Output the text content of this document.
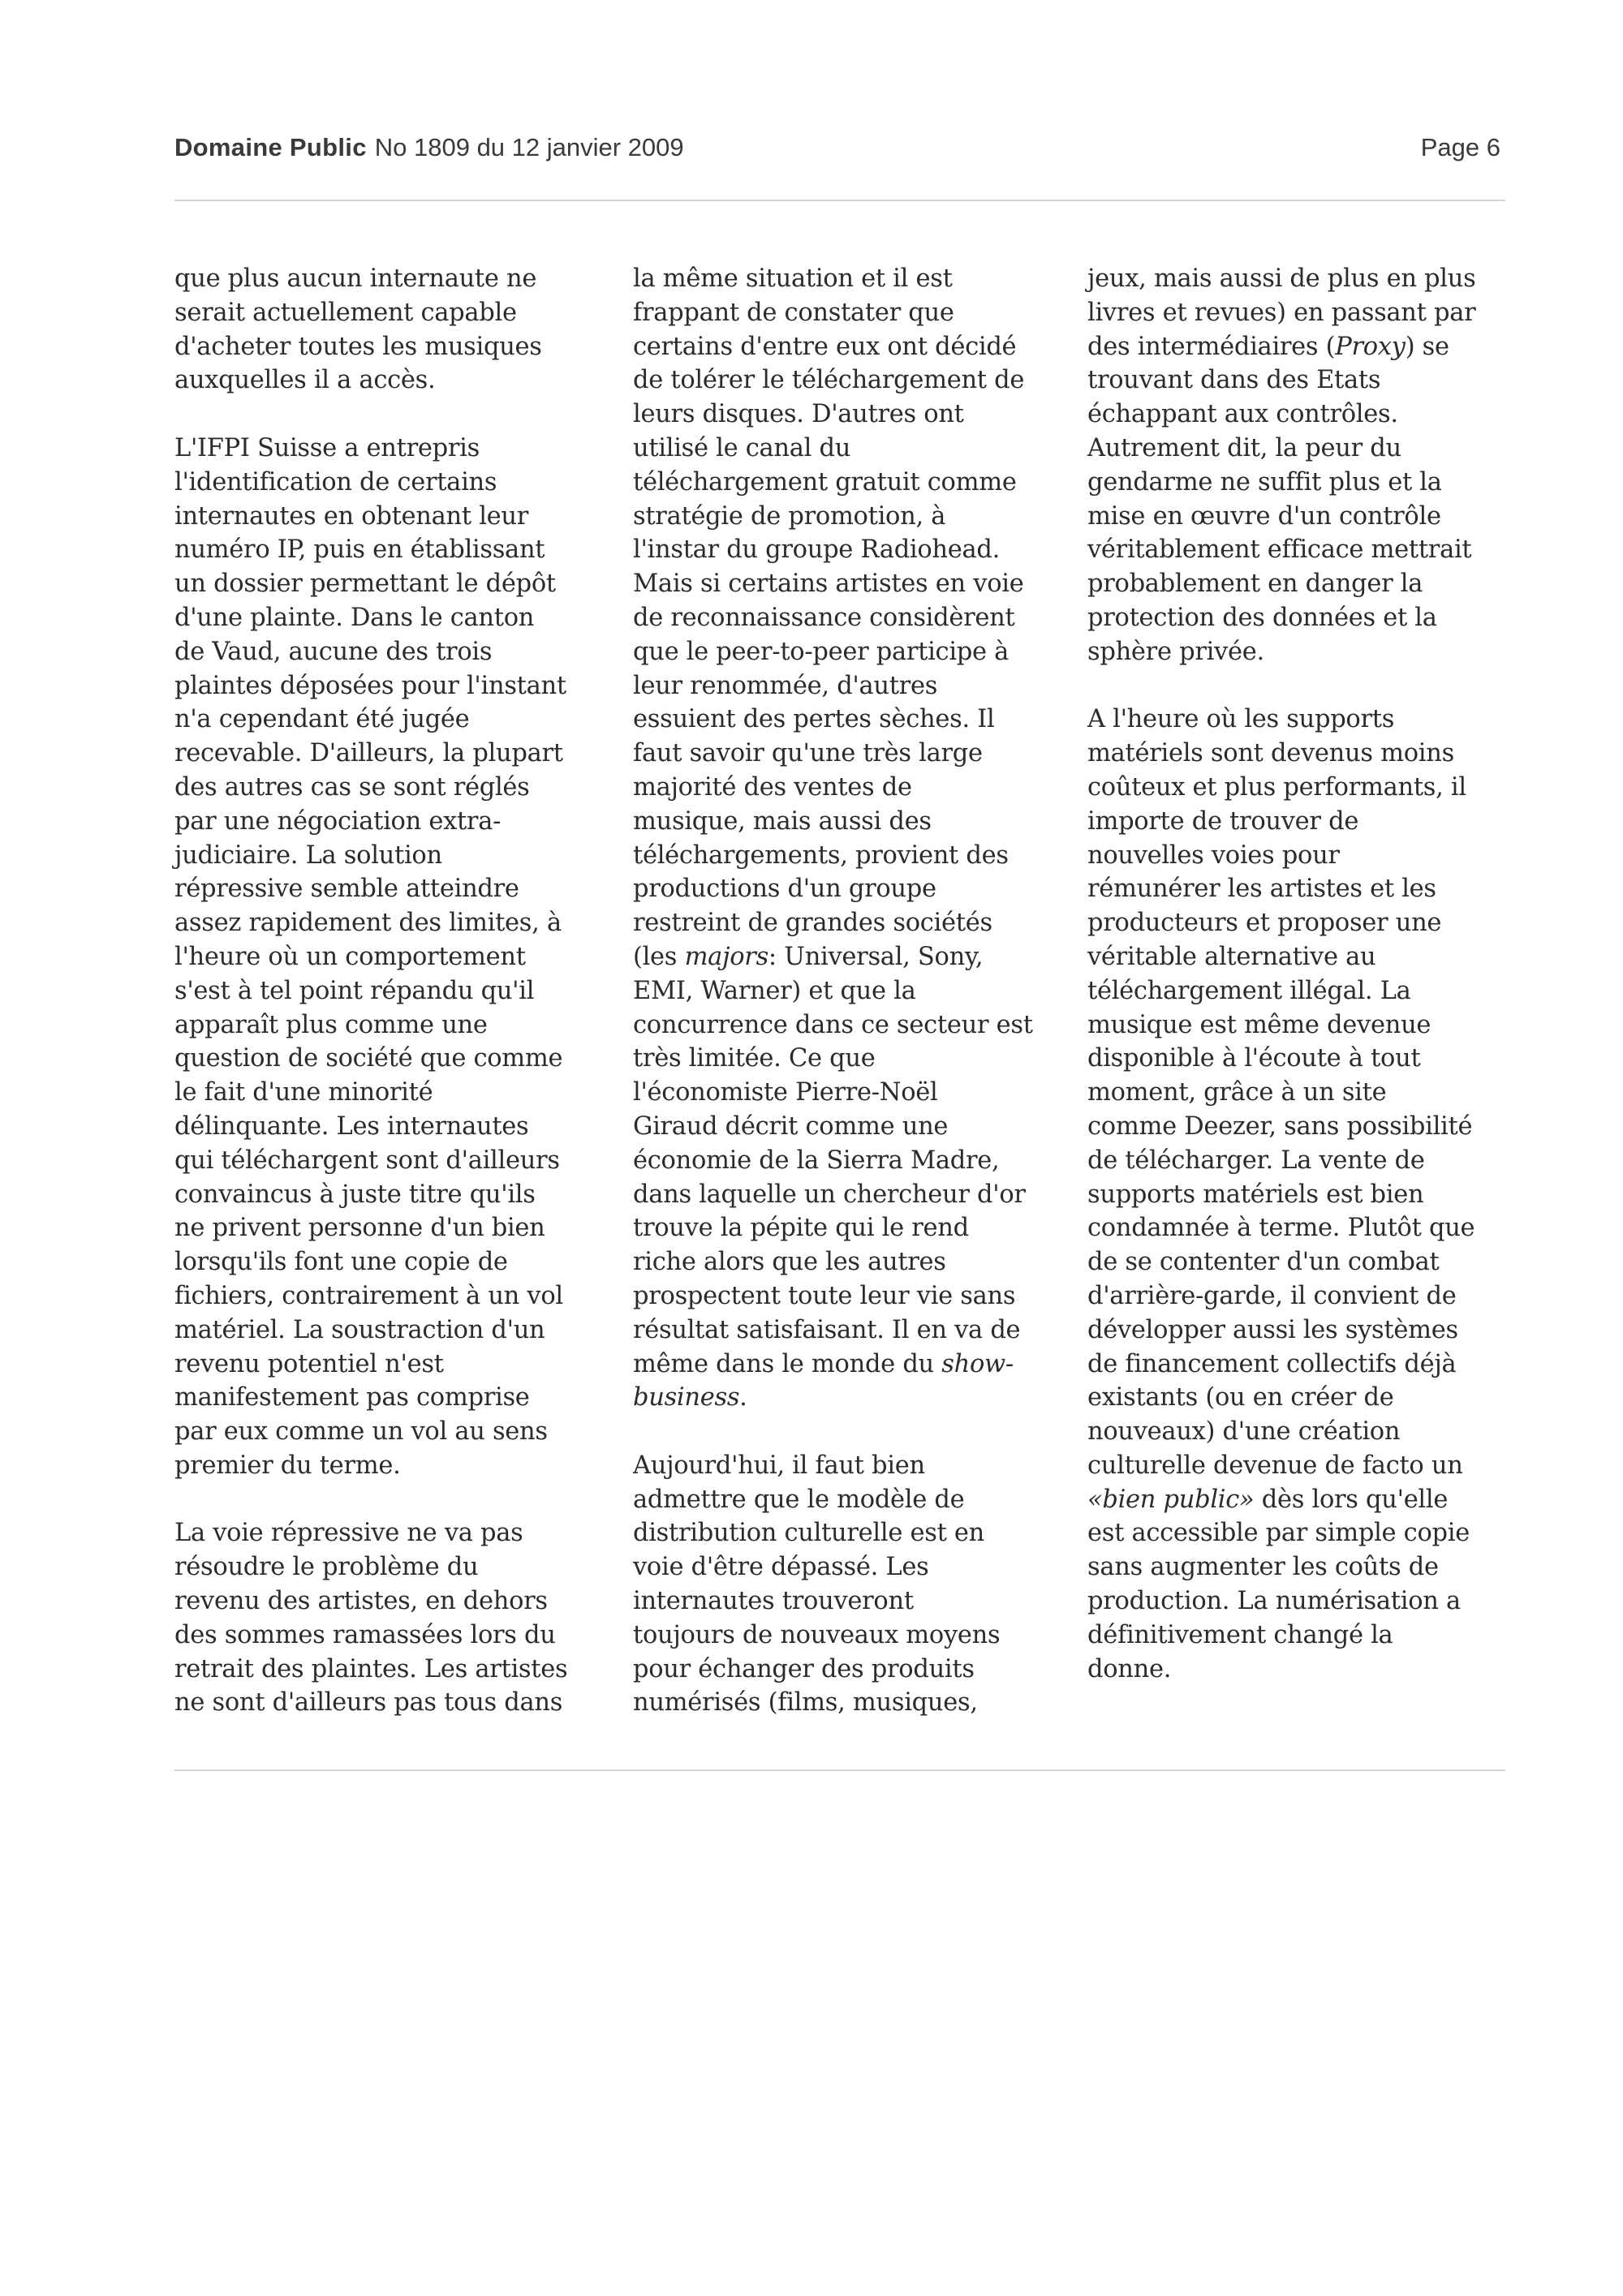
Domaine Public No 1809 du 12 janvier 2009	Page 6

que plus aucun internaute ne
serait actuellement capable
d'acheter toutes les musiques
auxquelles il a accès.

L'IFPI Suisse a entrepris
l'identification de certains
internautes en obtenant leur
numéro IP, puis en établissant
un dossier permettant le dépôt
d'une plainte. Dans le canton
de Vaud, aucune des trois
plaintes déposées pour l'instant
n'a cependant été jugée
recevable. D'ailleurs, la plupart
des autres cas se sont réglés
par une négociation extra-
judiciaire. La solution
répressive semble atteindre
assez rapidement des limites, à
l'heure où un comportement
s'est à tel point répandu qu'il
apparaît plus comme une
question de société que comme
le fait d'une minorité
délinquante. Les internautes
qui téléchargent sont d'ailleurs
convaincus à juste titre qu'ils
ne privent personne d'un bien
lorsqu'ils font une copie de
fichiers, contrairement à un vol
matériel. La soustraction d'un
revenu potentiel n'est
manifestement pas comprise
par eux comme un vol au sens
premier du terme.

La voie répressive ne va pas
résoudre le problème du
revenu des artistes, en dehors
des sommes ramassées lors du
retrait des plaintes. Les artistes
ne sont d'ailleurs pas tous dans

la même situation et il est
frappant de constater que
certains d'entre eux ont décidé
de tolérer le téléchargement de
leurs disques. D'autres ont
utilisé le canal du
téléchargement gratuit comme
stratégie de promotion, à
l'instar du groupe Radiohead.
Mais si certains artistes en voie
de reconnaissance considèrent
que le peer-to-peer participe à
leur renommée, d'autres
essuient des pertes sèches. Il
faut savoir qu'une très large
majorité des ventes de
musique, mais aussi des
téléchargements, provient des
productions d'un groupe
restreint de grandes sociétés
(les majors: Universal, Sony,
EMI, Warner) et que la
concurrence dans ce secteur est
très limitée. Ce que
l'économiste Pierre-Noël
Giraud décrit comme une
économie de la Sierra Madre,
dans laquelle un chercheur d'or
trouve la pépite qui le rend
riche alors que les autres
prospectent toute leur vie sans
résultat satisfaisant. Il en va de
même dans le monde du show-
business.

Aujourd'hui, il faut bien
admettre que le modèle de
distribution culturelle est en
voie d'être dépassé. Les
internautes trouveront
toujours de nouveaux moyens
pour échanger des produits
numérisés (films, musiques,

jeux, mais aussi de plus en plus
livres et revues) en passant par
des intermédiaires (Proxy) se
trouvant dans des Etats
échappant aux contrôles.
Autrement dit, la peur du
gendarme ne suffit plus et la
mise en œuvre d'un contrôle
véritablement efficace mettrait
probablement en danger la
protection des données et la
sphère privée.

A l'heure où les supports
matériels sont devenus moins
coûteux et plus performants, il
importe de trouver de
nouvelles voies pour
rémunérer les artistes et les
producteurs et proposer une
véritable alternative au
téléchargement illégal. La
musique est même devenue
disponible à l'écoute à tout
moment, grâce à un site
comme Deezer, sans possibilité
de télécharger. La vente de
supports matériels est bien
condamnée à terme. Plutôt que
de se contenter d'un combat
d'arrière-garde, il convient de
développer aussi les systèmes
de financement collectifs déjà
existants (ou en créer de
nouveaux) d'une création
culturelle devenue de facto un
«bien public» dès lors qu'elle
est accessible par simple copie
sans augmenter les coûts de
production. La numérisation a
définitivement changé la
donne.
